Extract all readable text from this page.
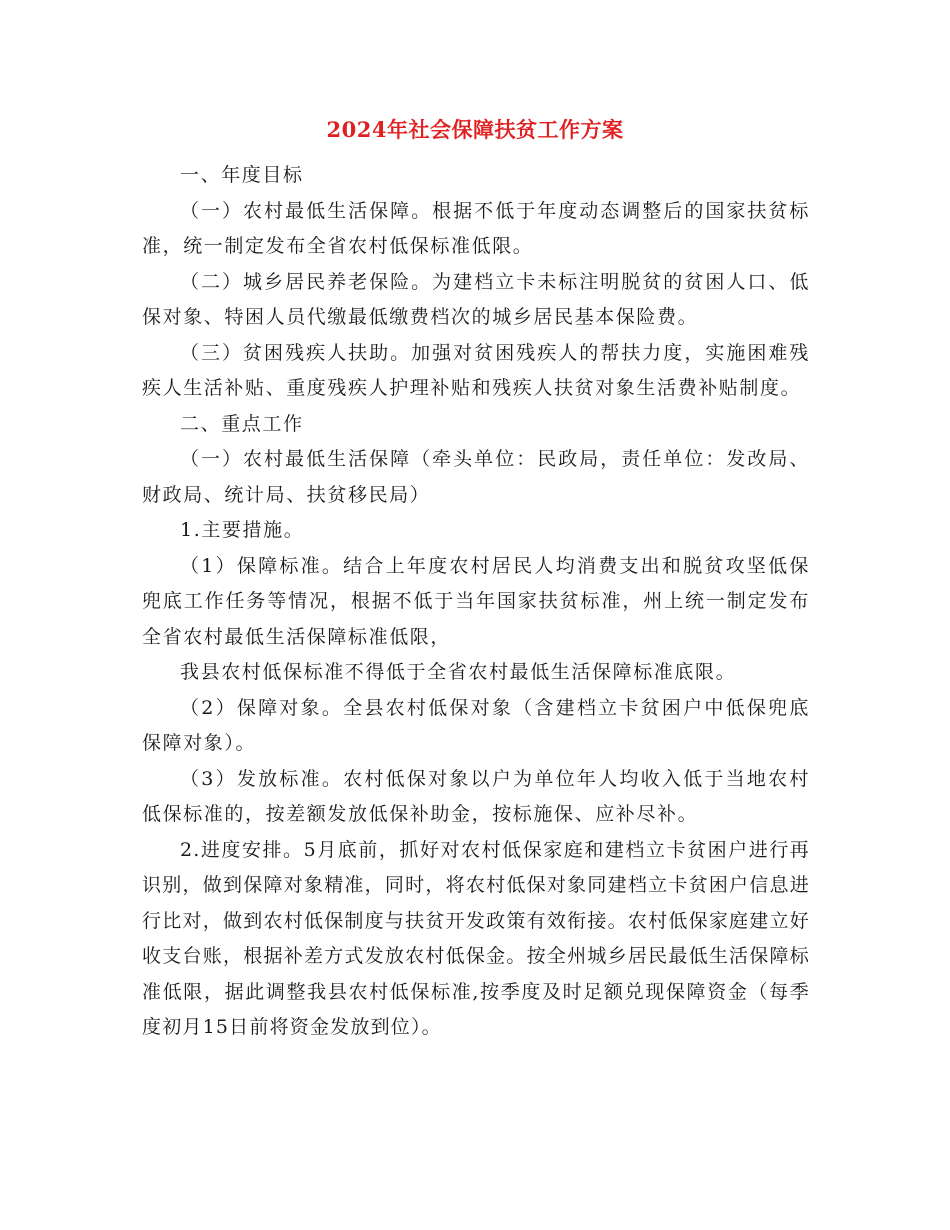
2024年社会保障扶贫工作方案

一、年度目标

（一）农村最低生活保障。根据不低于年度动态调整后的国家扶贫标准，统一制定发布全省农村低保标准低限。

（二）城乡居民养老保险。为建档立卡未标注明脱贫的贫困人口、低保对象、特困人员代缴最低缴费档次的城乡居民基本保险费。

（三）贫困残疾人扶助。加强对贫困残疾人的帮扶力度，实施困难残疾人生活补贴、重度残疾人护理补贴和残疾人扶贫对象生活费补贴制度。

二、重点工作

（一）农村最低生活保障（牵头单位：民政局，责任单位：发改局、财政局、统计局、扶贫移民局）

1.主要措施。

（1）保障标准。结合上年度农村居民人均消费支出和脱贫攻坚低保兜底工作任务等情况，根据不低于当年国家扶贫标准，州上统一制定发布全省农村最低生活保障标准低限，

我县农村低保标准不得低于全省农村最低生活保障标准底限。

（2）保障对象。全县农村低保对象（含建档立卡贫困户中低保兜底保障对象）。

（3）发放标准。农村低保对象以户为单位年人均收入低于当地农村低保标准的，按差额发放低保补助金，按标施保、应补尽补。

2.进度安排。5月底前，抓好对农村低保家庭和建档立卡贫困户进行再识别，做到保障对象精准，同时，将农村低保对象同建档立卡贫困户信息进行比对，做到农村低保制度与扶贫开发政策有效衔接。农村低保家庭建立好收支台账，根据补差方式发放农村低保金。按全州城乡居民最低生活保障标准低限，据此调整我县农村低保标准,按季度及时足额兑现保障资金（每季度初月15日前将资金发放到位）。
